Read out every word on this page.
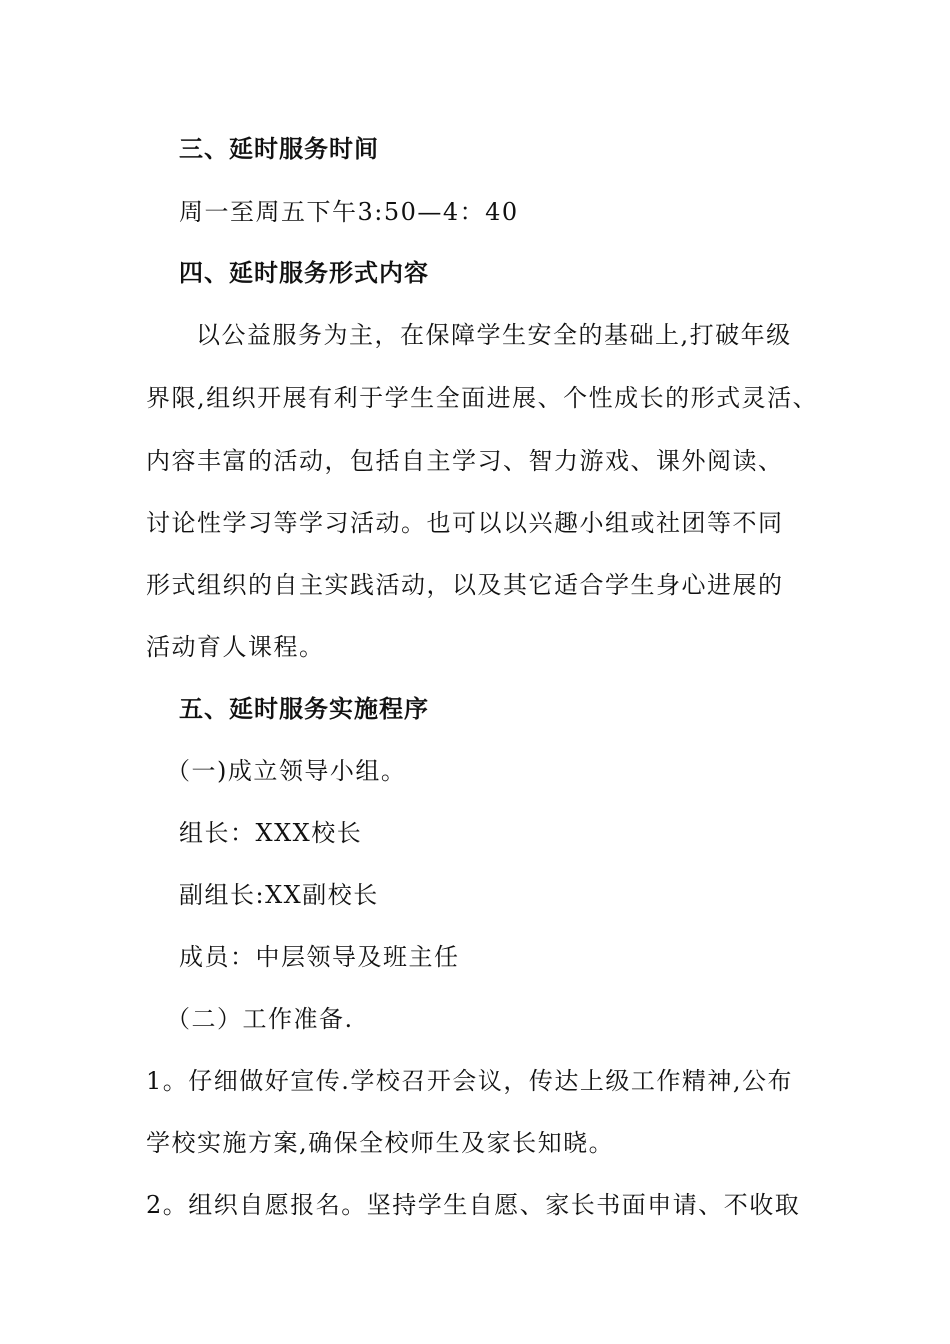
三、延时服务时间
周一至周五下午3:50—4：40
四、延时服务形式内容
以公益服务为主，在保障学生安全的基础上,打破年级
界限,组织开展有利于学生全面进展、个性成长的形式灵活、
内容丰富的活动，包括自主学习、智力游戏、课外阅读、
讨论性学习等学习活动。也可以以兴趣小组或社团等不同
形式组织的自主实践活动，以及其它适合学生身心进展的
活动育人课程。
五、延时服务实施程序
（一)成立领导小组。
组长：XXX校长
副组长:XX副校长
成员：中层领导及班主任
（二）工作准备.
1。仔细做好宣传.学校召开会议，传达上级工作精神,公布
学校实施方案,确保全校师生及家长知晓。
2。组织自愿报名。坚持学生自愿、家长书面申请、不收取
